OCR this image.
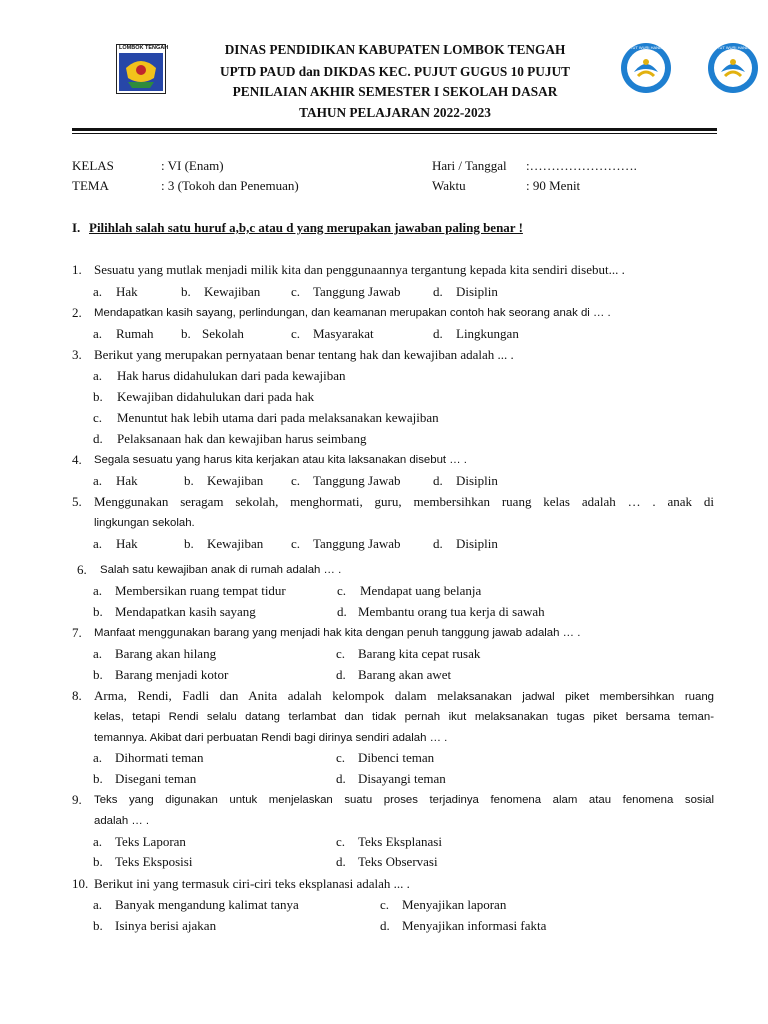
LOMBOK TENGAH	TUT WURI HANDAYANI	TUT WURI HANDAYANI
DINAS PENDIDIKAN KABUPATEN LOMBOK TENGAH
UPTD PAUD dan DIKDAS KEC. PUJUT GUGUS 10 PUJUT
PENILAIAN AKHIR SEMESTER I SEKOLAH DASAR
TAHUN PELAJARAN 2022-2023
KELAS	: VI (Enam)
TEMA	: 3 (Tokoh dan Penemuan)
Hari / Tanggal :…………………….
Waktu	: 90 Menit
I. Pilihlah salah satu huruf a,b,c atau d yang merupakan jawaban paling benar !
1. Sesuatu yang mutlak menjadi milik kita dan penggunaannya tergantung kepada kita sendiri disebut... .
a. Hak	b. Kewajiban c. Tanggung Jawab d. Disiplin
2. Mendapatkan kasih sayang, perlindungan, dan keamanan merupakan contoh hak seorang anak di … .
a. Rumah b. Sekolah	c. Masyarakat	d. Lingkungan
3. Berikut yang merupakan pernyataan benar tentang hak dan kewajiban adalah ... .
a. Hak harus didahulukan dari pada kewajiban
b. Kewajiban didahulukan dari pada hak
c. Menuntut hak lebih utama dari pada melaksanakan kewajiban
d. Pelaksanaan hak dan kewajiban harus seimbang
4. Segala sesuatu yang harus kita kerjakan atau kita laksanakan disebut … .
a. Hak	b. Kewajiban c. Tanggung Jawab d. Disiplin
5. Menggunakan seragam sekolah, menghormati, guru, membersihkan ruang kelas adalah … . anak di
lingkungan sekolah.
a. Hak	b. Kewajiban c. Tanggung Jawab d. Disiplin
6. Salah satu kewajiban anak di rumah adalah … .
a. Membersikan ruang tempat tidur	c. Mendapat uang belanja
b. Mendapatkan kasih sayang	d. Membantu orang tua kerja di sawah
7. Manfaat menggunakan barang yang menjadi hak kita dengan penuh tanggung jawab adalah … .
a. Barang akan hilang	c. Barang kita cepat rusak
b. Barang menjadi kotor	d. Barang akan awet
8. Arma, Rendi, Fadli dan Anita adalah kelompok dalam melaksanakan jadwal piket membersihkan ruang
kelas, tetapi Rendi selalu datang terlambat dan tidak pernah ikut melaksanakan tugas piket bersama teman-
temannya. Akibat dari perbuatan Rendi bagi dirinya sendiri adalah … .
a. Dihormati teman	c. Dibenci teman
b. Disegani teman	d. Disayangi teman
9. Teks yang digunakan untuk menjelaskan suatu proses terjadinya fenomena alam atau fenomena sosial
adalah … .
a. Teks Laporan	c. Teks Eksplanasi
b. Teks Eksposisi	d. Teks Observasi
10. Berikut ini yang termasuk ciri-ciri teks eksplanasi adalah ... .
a. Banyak mengandung kalimat tanya	c. Menyajikan laporan
b. Isinya berisi ajakan	d. Menyajikan informasi fakta
